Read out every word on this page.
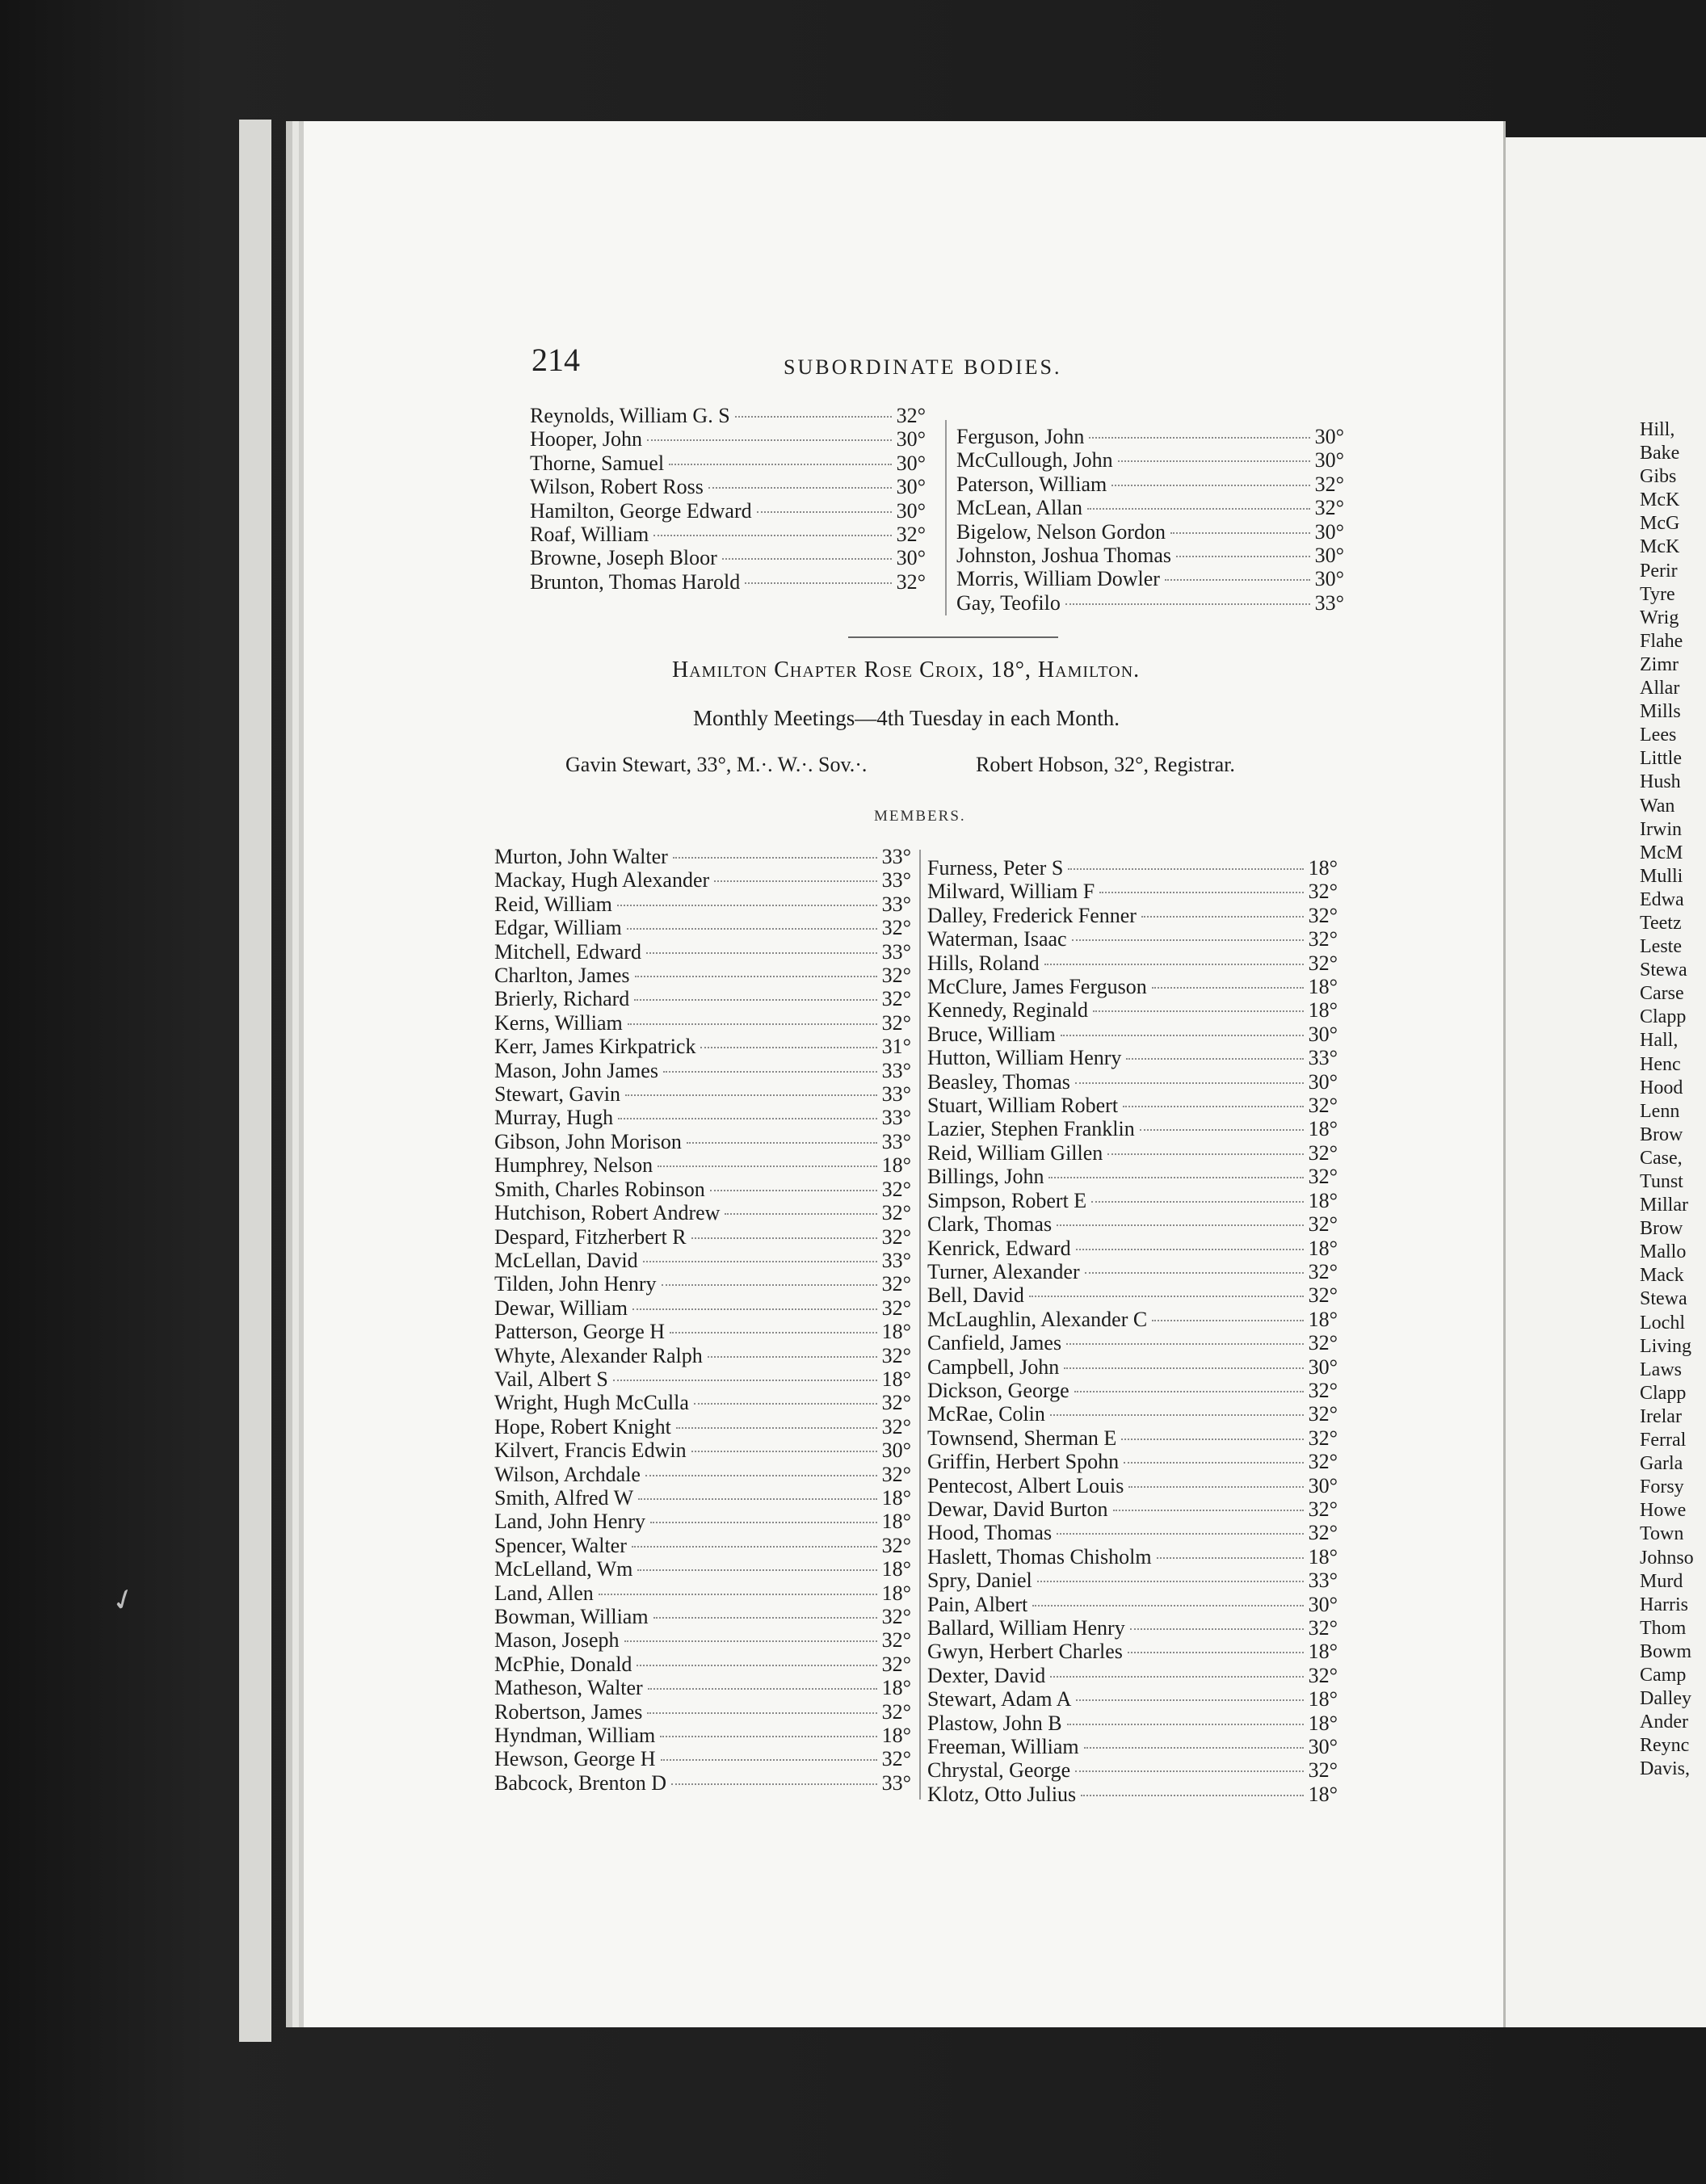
Hill,
Bake
Gibs
McK
McG
McK
Perir
Tyre
Wrig
Flahe
Zimr
Allar
Mills
Lees
Little
Hush
Wan
Irwin
McM
Mulli
Edwa
Teetz
Leste
Stewa
Carse
Clapp
Hall,
Henc
Hood
Lenn
Brow
Case,
Tunst
Millar
Brow
Mallo
Mack
Stewa
Lochl
Living
Laws
Clapp
Irelar
Ferral
Garla
Forsy
Howe
Town
Johnso
Murd
Harris
Thom
Bowm
Camp
Dalley
Ander
Reync
Davis,
214	SUBORDINATE BODIES.
Reynolds, William G. S	32°
Hooper, John	30°
Thorne, Samuel	30°
Wilson, Robert Ross	30°
Hamilton, George Edward	30°
Roaf, William	32°
Browne, Joseph Bloor	30°
Brunton, Thomas Harold	32°
Ferguson, John	30°
McCullough, John	30°
Paterson, William	32°
McLean, Allan	32°
Bigelow, Nelson Gordon	30°
Johnston, Joshua Thomas	30°
Morris, William Dowler	30°
Gay, Teofilo	33°
Hamilton Chapter Rose Croix, 18°, Hamilton.
Monthly Meetings—4th Tuesday in each Month.
Gavin Stewart, 33°, M.·. W.·. Sov.·.	Robert Hobson, 32°, Registrar.
MEMBERS.
Murton, John Walter	33°
Mackay, Hugh Alexander	33°
Reid, William	33°
Edgar, William	32°
Mitchell, Edward	33°
Charlton, James	32°
Brierly, Richard	32°
Kerns, William	32°
Kerr, James Kirkpatrick	31°
Mason, John James	33°
Stewart, Gavin	33°
Murray, Hugh	33°
Gibson, John Morison	33°
Humphrey, Nelson	18°
Smith, Charles Robinson	32°
Hutchison, Robert Andrew	32°
Despard, Fitzherbert R	32°
McLellan, David	33°
Tilden, John Henry	32°
Dewar, William	32°
Patterson, George H	18°
Whyte, Alexander Ralph	32°
Vail, Albert S	18°
Wright, Hugh McCulla	32°
Hope, Robert Knight	32°
Kilvert, Francis Edwin	30°
Wilson, Archdale	32°
Smith, Alfred W	18°
Land, John Henry	18°
Spencer, Walter	32°
McLelland, Wm	18°
Land, Allen	18°
Bowman, William	32°
Mason, Joseph	32°
McPhie, Donald	32°
Matheson, Walter	18°
Robertson, James	32°
Hyndman, William	18°
Hewson, George H	32°
Babcock, Brenton D	33°
Furness, Peter S	18°
Milward, William F	32°
Dalley, Frederick Fenner	32°
Waterman, Isaac	32°
Hills, Roland	32°
McClure, James Ferguson	18°
Kennedy, Reginald	18°
Bruce, William	30°
Hutton, William Henry	33°
Beasley, Thomas	30°
Stuart, William Robert	32°
Lazier, Stephen Franklin	18°
Reid, William Gillen	32°
Billings, John	32°
Simpson, Robert E	18°
Clark, Thomas	32°
Kenrick, Edward	18°
Turner, Alexander	32°
Bell, David	32°
McLaughlin, Alexander C	18°
Canfield, James	32°
Campbell, John	30°
Dickson, George	32°
McRae, Colin	32°
Townsend, Sherman E	32°
Griffin, Herbert Spohn	32°
Pentecost, Albert Louis	30°
Dewar, David Burton	32°
Hood, Thomas	32°
Haslett, Thomas Chisholm	18°
Spry, Daniel	33°
Pain, Albert	30°
Ballard, William Henry	32°
Gwyn, Herbert Charles	18°
Dexter, David	32°
Stewart, Adam A	18°
Plastow, John B	18°
Freeman, William	30°
Chrystal, George	32°
Klotz, Otto Julius	18°
✓
